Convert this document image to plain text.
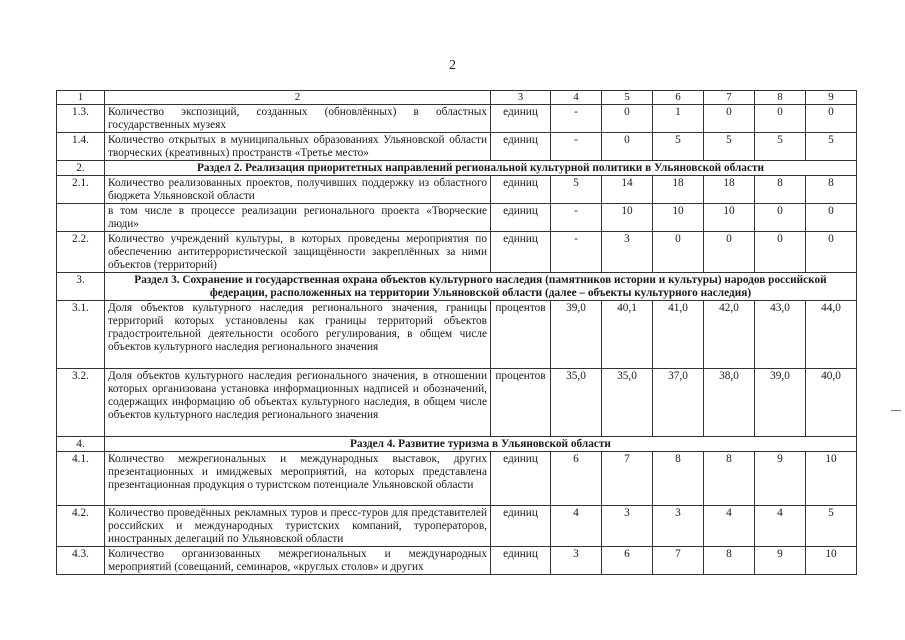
2
1	2	3	4	5	6	7	8	9
1.3.	Количество экспозиций, созданных (обновлённых) в областных государственных музеях	единиц	-	0	1	0	0	0
1.4.	Количество открытых в муниципальных образованиях Ульяновской области творческих (креативных) пространств «Третье место»	единиц	-	0	5	5	5	5
2.	Раздел 2. Реализация приоритетных направлений региональной культурной политики в Ульяновской области							
2.1.	Количество реализованных проектов, получивших поддержку из областного бюджета Ульяновской области	единиц	5	14	18	18	8	8
	в том числе в процессе реализации регионального проекта «Творческие люди»	единиц	-	10	10	10	0	0
2.2.	Количество учреждений культуры, в которых проведены мероприятия по обеспечению антитеррористической защищённости закреплённых за ними объектов (территорий)	единиц	-	3	0	0	0	0
3.	Раздел 3. Сохранение и государственная охрана объектов культурного наследия (памятников истории и культуры) народов российской федерации, расположенных на территории Ульяновской области (далее – объекты культурного наследия)							
3.1.	Доля объектов культурного наследия регионального значения, границы территорий которых установлены как границы территорий объектов градостроительной деятельности особого регулирования, в общем числе объектов культурного наследия регионального значения	процентов	39,0	40,1	41,0	42,0	43,0	44,0
3.2.	Доля объектов культурного наследия регионального значения, в отношении которых организована установка информационных надписей и обозначений, содержащих информацию об объектах культурного наследия, в общем числе объектов культурного наследия регионального значения	процентов	35,0	35,0	37,0	38,0	39,0	40,0
4.	Раздел 4. Развитие туризма в Ульяновской области							
4.1.	Количество межрегиональных и международных выставок, других презентационных и имиджевых мероприятий, на которых представлена презентационная продукция о туристском потенциале Ульяновской области	единиц	6	7	8	8	9	10
4.2.	Количество проведённых рекламных туров и пресс-туров для представителей российских и международных туристских компаний, туроператоров, иностранных делегаций по Ульяновской области	единиц	4	3	3	4	4	5
4.3.	Количество организованных межрегиональных и международных мероприятий (совещаний, семинаров, «круглых столов» и других	единиц	3	6	7	8	9	10
